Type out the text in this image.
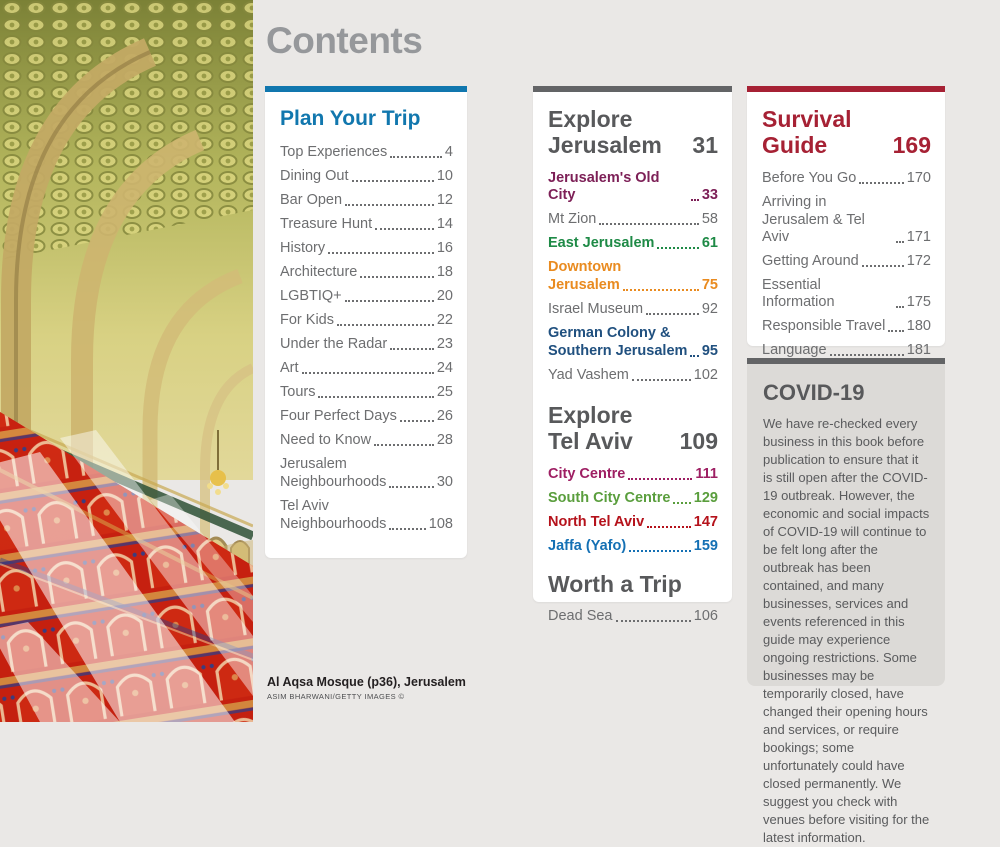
Contents
Plan Your Trip
Top Experiences	4
Dining Out	10
Bar Open	12
Treasure Hunt	14
History	16
Architecture	18
LGBTIQ+	20
For Kids	22
Under the Radar	23
Art	24
Tours	25
Four Perfect Days	26
Need to Know	28
Jerusalem
Neighbourhoods	30
Tel Aviv
Neighbourhoods	108
Explore
Jerusalem 31
Jerusalem's Old City	33
Mt Zion	58
East Jerusalem	61
Downtown
Jerusalem	75
Israel Museum	92
German Colony &
Southern Jerusalem 95
Yad Vashem	102
Explore
Tel Aviv 109
City Centre	111
South City Centre 129
North Tel Aviv	147
Jaffa (Yafo)	159
Worth a Trip
Dead Sea	106
Survival
Guide	169
Before You Go	170
Arriving in
Jerusalem & Tel Aviv	171
Getting Around	172
Essential Information	175
Responsible Travel 180
Language	181
COVID-19
We have re-checked every business in this book before publication to ensure that it is still open after the COVID-19 outbreak. However, the economic and social impacts of COVID-19 will continue to be felt long after the outbreak has been contained, and many businesses, services and events referenced in this guide may experience ongoing restrictions. Some businesses may be temporarily closed, have changed their opening hours and services, or require bookings; some unfortunately could have closed permanently. We suggest you check with venues before visiting for the latest information.
Al Aqsa Mosque (p36), Jerusalem
ASIM BHARWANI/GETTY IMAGES ©
